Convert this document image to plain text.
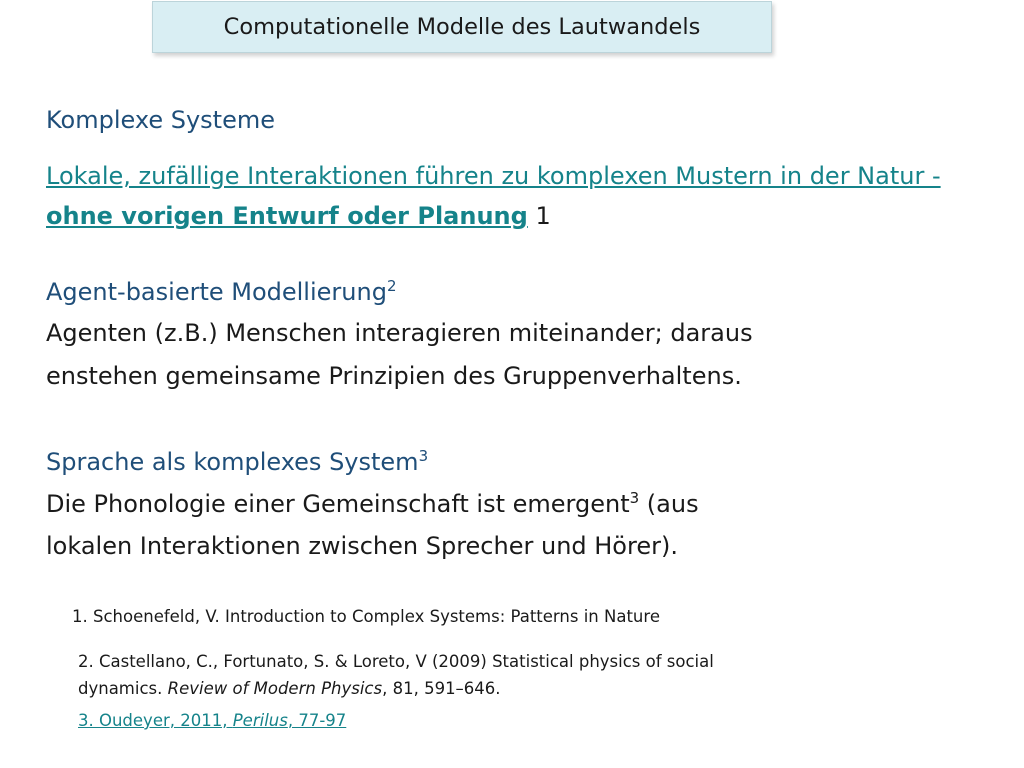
Computationelle Modelle des Lautwandels
Komplexe Systeme
Lokale, zufällige Interaktionen führen zu komplexen Mustern in der Natur - ohne vorigen Entwurf oder Planung 1
Agent-basierte Modellierung$^2$
Agenten (z.B.) Menschen interagieren miteinander; daraus
enstehen gemeinsame Prinzipien des Gruppenverhaltens.
Sprache als komplexes System$^3$
Die Phonologie einer Gemeinschaft ist emergent$^3$ (aus
lokalen Interaktionen zwischen Sprecher und Hörer).
1. Schoenefeld, V. Introduction to Complex Systems: Patterns in Nature
2. Castellano, C., Fortunato, S. & Loreto, V (2009) Statistical physics of social
dynamics. Review of Modern Physics, 81, 591–646.
3. Oudeyer, 2011, Perilus, 77-97
